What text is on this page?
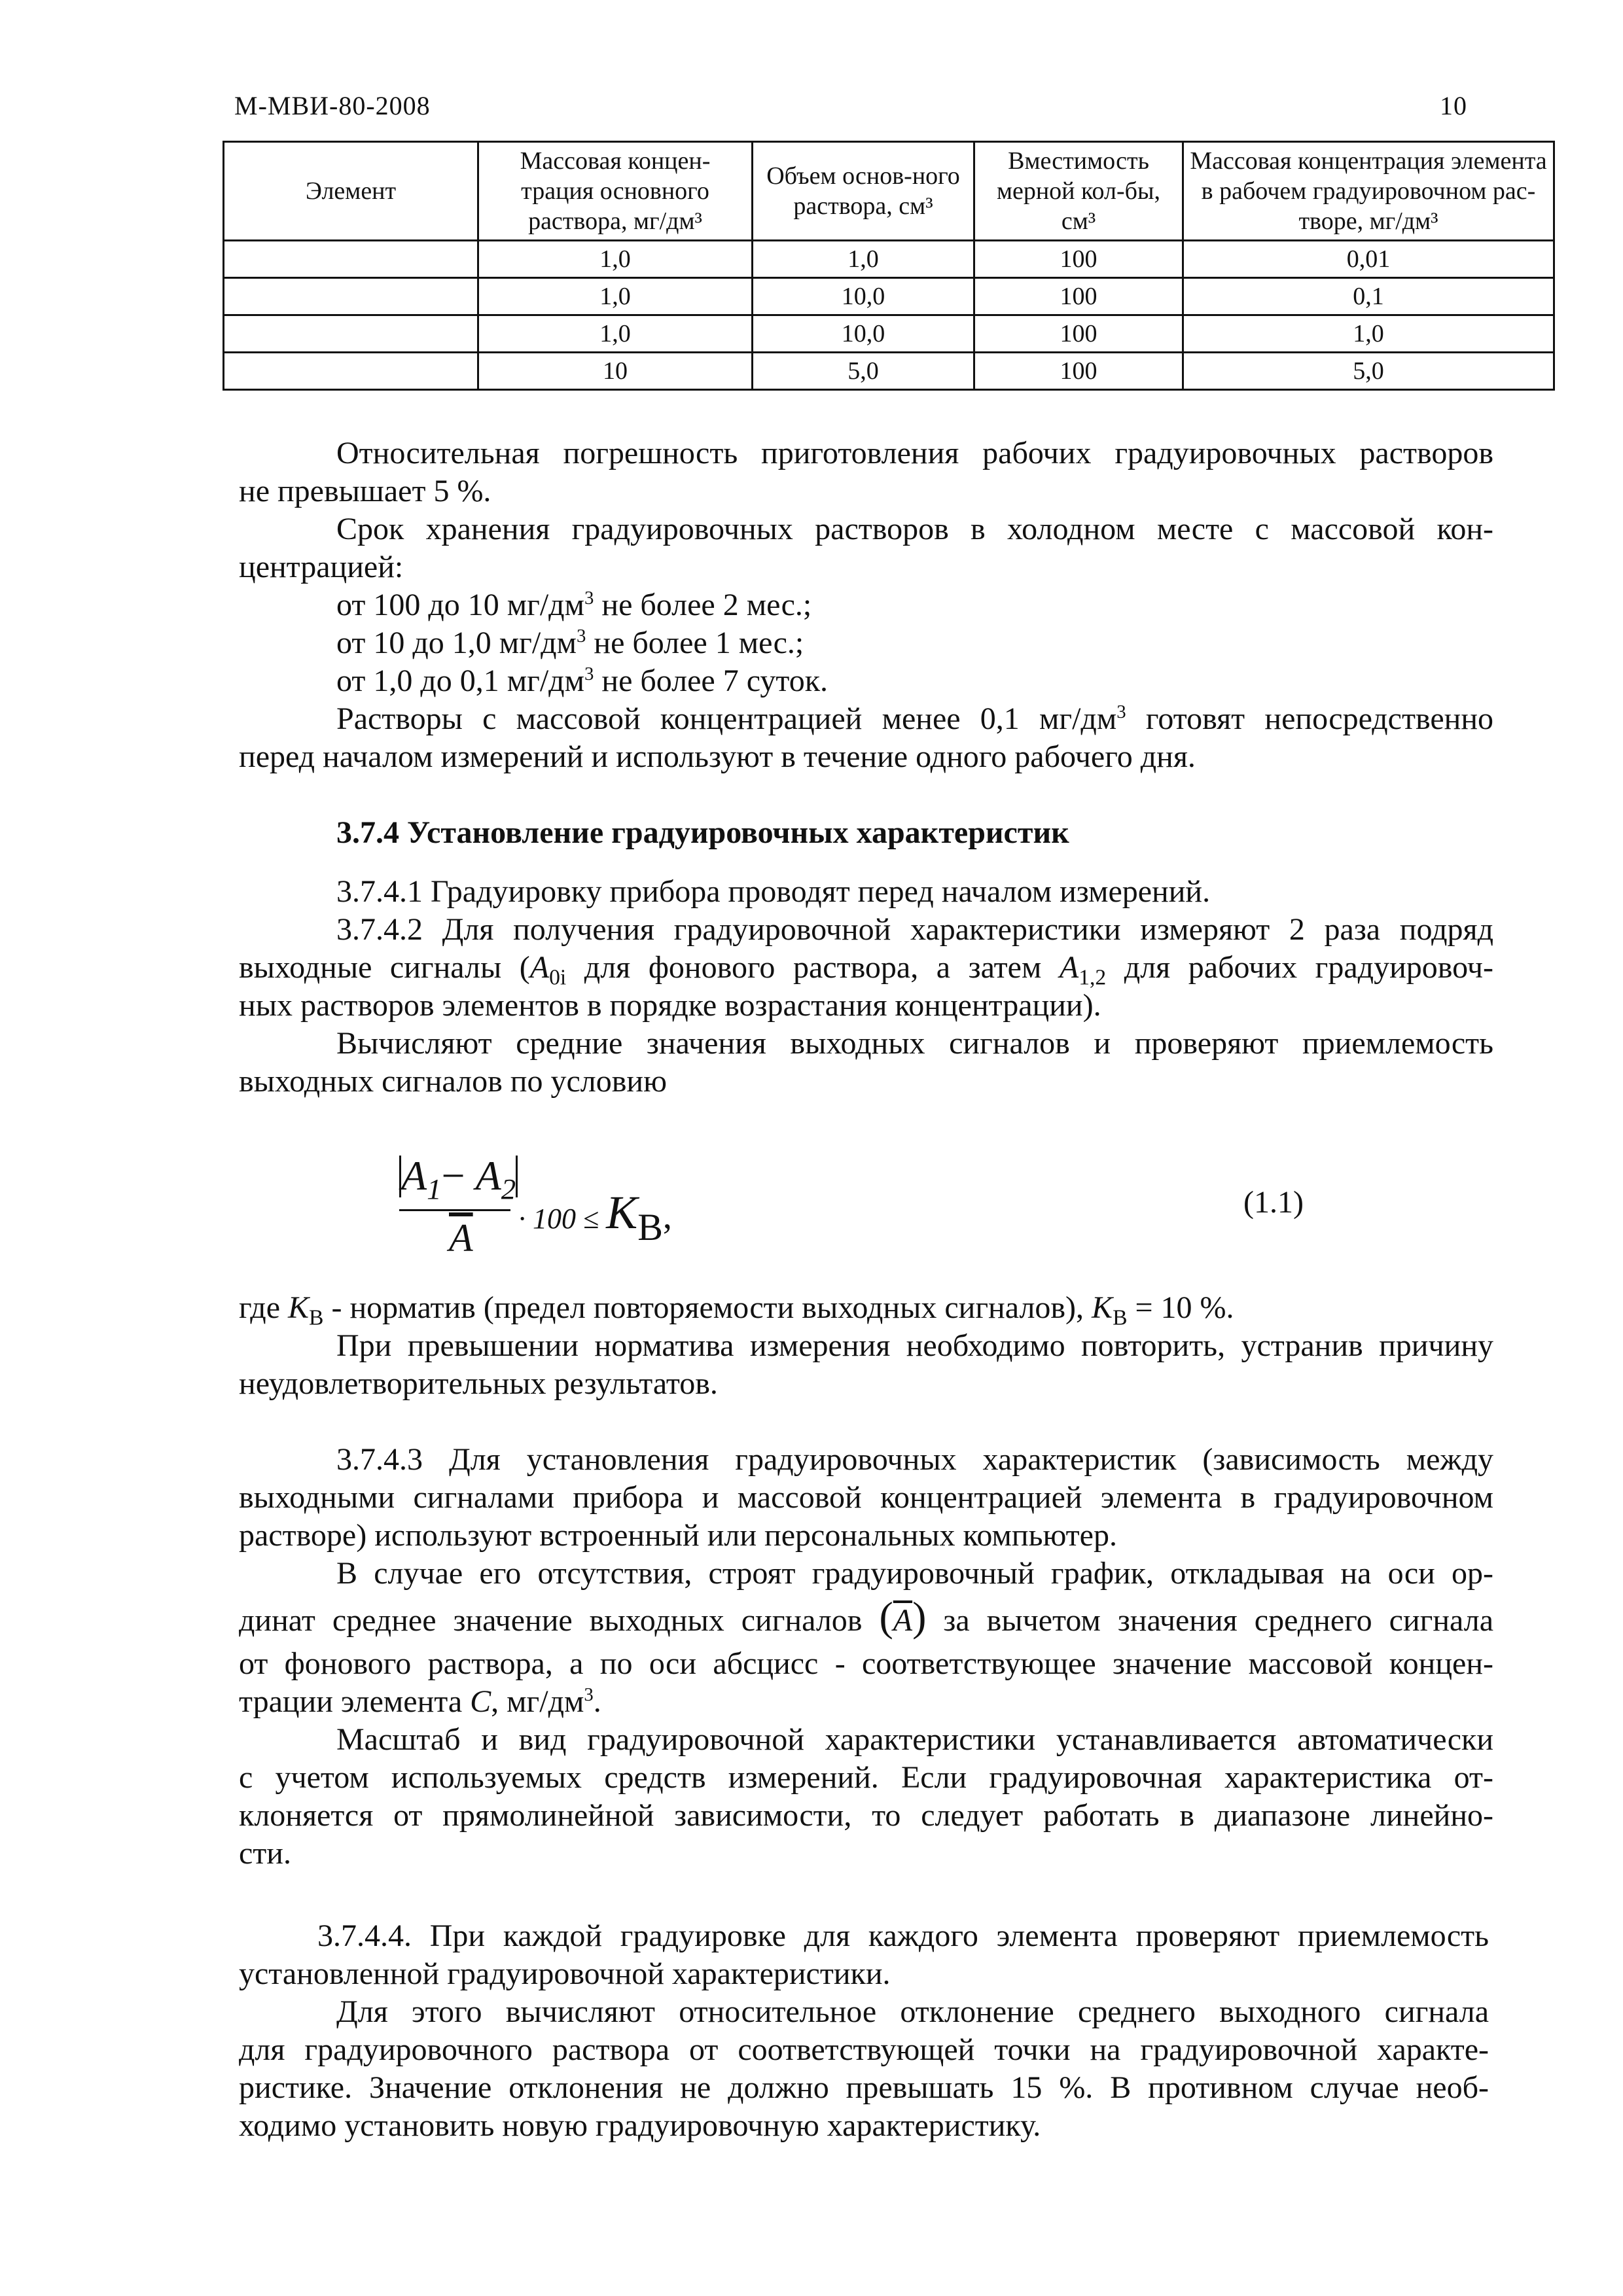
М-МВИ-80-2008	10
Элемент	Массовая концен-трация основного раствора, мг/дм³	Объем основ-ного раствора, см³	Вместимость мерной кол-бы, см³	Массовая концентрация элемента в рабочем градуировочном рас-творе, мг/дм³
	1,0	1,0	100	0,01
	1,0	10,0	100	0,1
	1,0	10,0	100	1,0
	10	5,0	100	5,0
Относительная погрешность приготовления рабочих градуировочных растворов
не превышает 5 %.
Срок хранения градуировочных растворов в холодном месте с массовой кон-
центрацией:
от 100 до 10 $мг/дм^3$ не более 2 мес.;
от 10 до 1,0 $мг/дм^3$ не более 1 мес.;
от 1,0 до 0,1 $мг/дм^3$ не более 7 суток.
Растворы с массовой концентрацией менее 0,1 $мг/дм^3$ готовят непосредственно
перед началом измерений и используют в течение одного рабочего дня.
3.7.4 Установление градуировочных характеристик
3.7.4.1 Градуировку прибора проводят перед началом измерений.
3.7.4.2 Для получения градуировочной характеристики измеряют 2 раза подряд
выходные сигналы ($A_{0i}$ для фонового раствора, а затем $A_{1,2}$ для рабочих градуировоч-
ных растворов элементов в порядке возрастания концентрации).
Вычисляют средние значения выходных сигналов и проверяют приемлемость
выходных сигналов по условию
$A_1- A_2$
$\overline{A} \cdot 100$ ≤ KВ,	(1.1)
где $K_В$ - норматив (предел повторяемости выходных сигналов), $K_В = 10$ %.
При превышении норматива измерения необходимо повторить, устранив причину
неудовлетворительных результатов.
3.7.4.3 Для установления градуировочных характеристик (зависимость между
выходными сигналами прибора и массовой концентрацией элемента в градуировочном
растворе) используют встроенный или персональных компьютер.
В случае его отсутствия, строят градуировочный график, откладывая на оси ор-
динат среднее значение выходных сигналов $(\overline{A})$ за вычетом значения среднего сигнала
от фонового раствора, а по оси абсцисс - соответствующее значение массовой концен-
трации элемента C, $мг/дм^3$.
Масштаб и вид градуировочной характеристики устанавливается автоматически
с учетом используемых средств измерений. Если градуировочная характеристика от-
клоняется от прямолинейной зависимости, то следует работать в диапазоне линейно-
сти.
3.7.4.4. При каждой градуировке для каждого элемента проверяют приемлемость
установленной градуировочной характеристики.
Для этого вычисляют относительное отклонение среднего выходного сигнала
для градуировочного раствора от соответствующей точки на градуировочной характе-
ристике. Значение отклонения не должно превышать 15 %. В противном случае необ-
ходимо установить новую градуировочную характеристику.
